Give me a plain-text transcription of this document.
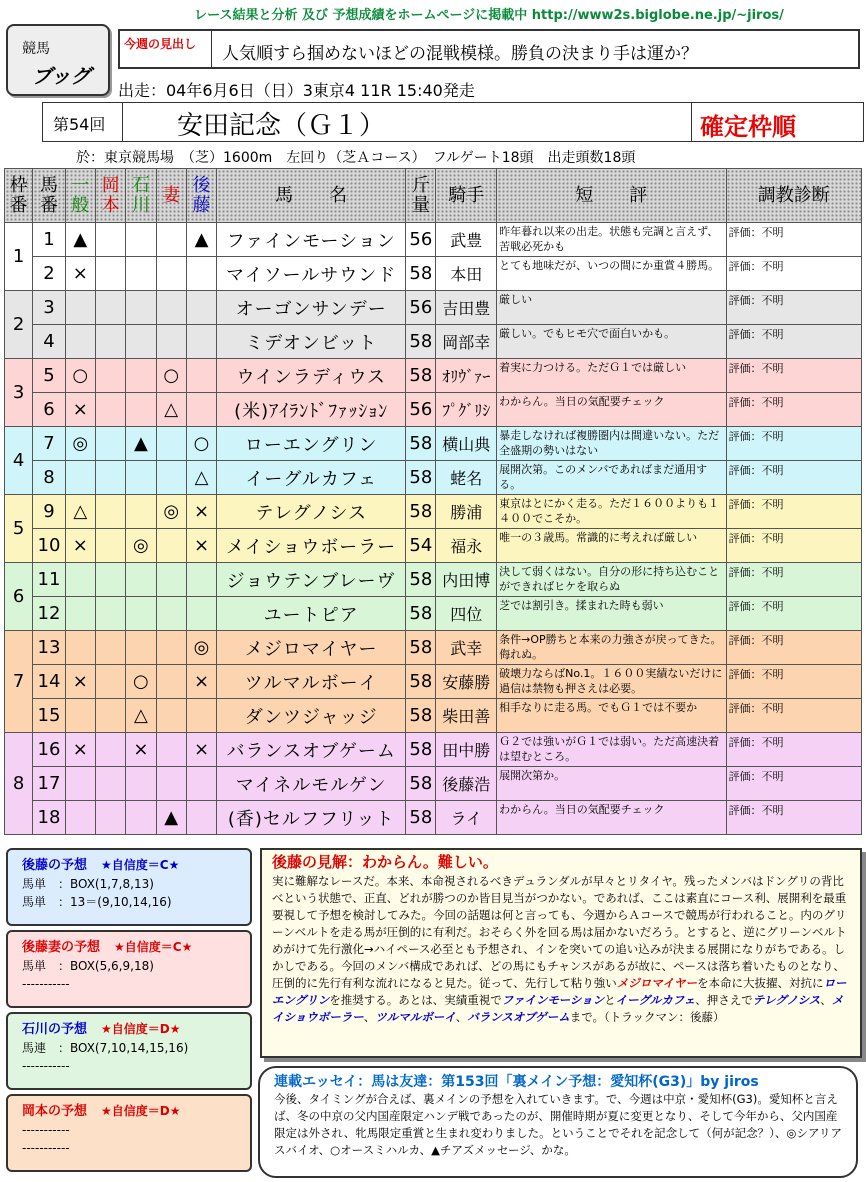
レース結果と分析 及び 予想成績をホームページに掲載中 http://www2s.biglobe.ne.jp/~jiros/
競馬
ブッグ
今週の見出し	人気順すら掴めないほどの混戦模様。勝負の決まり手は運か？
出走：04年6月6日（日）3東京4 11R 15:40発走
第54回	安田記念（Ｇ１）	確定枠順
於：東京競馬場　（芝）1600m　左回り（芝Ａコース）　フルゲート18頭　出走頭数18頭
枠番	馬番	一般	岡本	石川	妻	後藤	馬　　名	斤量	騎手	短　　評	調教診断
1	1	▲				▲	ファインモーション	56	武豊	昨年暮れ以来の出走。状態も完調と言えず、苦戦必死かも	評価：不明
	2	×					マイソールサウンド	58	本田	とても地味だが、いつの間にか重賞４勝馬。	評価：不明
2	3						オーゴンサンデー	56	吉田豊	厳しい	評価：不明
	4						ミデオンビット	58	岡部幸	厳しい。でもヒモ穴で面白いかも。	評価：不明
3	5	○			○		ウインラディウス	58	ｵﾘｳﾞｧｰ	着実に力つける。ただＧ１では厳しい	評価：不明
	6	×			△		(米)ｱｲﾗﾝﾄﾞﾌｧｯｼｮﾝ	56	ﾌﾟｸﾞﾘｼ	わからん。当日の気配要チェック	評価：不明
4	7	◎		▲		○	ローエングリン	58	横山典	暴走しなければ複勝圏内は間違いない。ただ全盛期の勢いはない	評価：不明
	8					△	イーグルカフェ	58	蛯名	展開次第。このメンバであればまだ通用する。	評価：不明
5	9	△			◎	×	テレグノシス	58	勝浦	東京はとにかく走る。ただ１６００よりも１４００でこそか。	評価：不明
	10	×		◎		×	メイショウボーラー	54	福永	唯一の３歳馬。常識的に考えれば厳しい	評価：不明
6	11						ジョウテンブレーヴ	58	内田博	決して弱くはない。自分の形に持ち込むことができればヒケを取らぬ	評価：不明
	12						ユートピア	58	四位	芝では割引き。揉まれた時も弱い	評価：不明
7	13					◎	メジロマイヤー	58	武幸	条件→OP勝ちと本来の力強さが戻ってきた。侮れぬ。	評価：不明
	14	×		○		×	ツルマルボーイ	58	安藤勝	破壊力ならばNo.1。１６００実績ないだけに過信は禁物も押さえは必要。	評価：不明
	15			△			ダンツジャッジ	58	柴田善	相手なりに走る馬。でもＧ１では不要か	評価：不明
8	16	×		×		×	バランスオブゲーム	58	田中勝	Ｇ２では強いがＧ１では弱い。ただ高速決着は望むところ。	評価：不明
	17						マイネルモルゲン	58	後藤浩	展開次第か。	評価：不明
	18				▲		(香)セルフフリット	58	ライ	わからん。当日の気配要チェック	評価：不明
後藤の予想 ★自信度＝C★
馬単　：BOX(1,7,8,13)
馬単　：13＝(9,10,14,16)
後藤妻の予想 ★自信度＝C★
馬単　：BOX(5,6,9,18)
-----------
石川の予想 ★自信度＝D★
馬連　：BOX(7,10,14,15,16)
-----------
岡本の予想 ★自信度＝D★
-----------
-----------
後藤の見解：わからん。難しい。
実に難解なレースだ。本来、本命視されるべきデュランダルが早々とリタイヤ。残ったメンバはドングリの背比べという状態で、正直、どれが勝つのか皆目見当がつかない。であれば、ここは素直にコース利、展開利を最重要視して予想を検討してみた。今回の話題は何と言っても、今週からＡコースで競馬が行われること。内のグリーンベルトを走る馬が圧倒的に有利だ。おそらく外を回る馬は届かないだろう。とすると、逆にグリーンベルトめがけて先行激化→ハイペース必至とも予想され、インを突いての追い込みが決まる展開になりがちである。しかしである。今回のメンバ構成であれば、どの馬にもチャンスがあるが故に、ペースは落ち着いたものとなり、圧倒的に先行有利な流れになると見た。従って、先行して粘り強いメジロマイヤーを本命に大抜擢、対抗にローエングリンを推奨する。あとは、実績重視でファインモーションとイーグルカフェ、押さえでテレグノシス、メイショウボーラー、ツルマルボーイ、バランスオブゲームまで。（トラックマン：後藤）
連載エッセイ：馬は友達：第153回「裏メイン予想：愛知杯(G3)」by jiros
今後、タイミングが合えば、裏メインの予想を入れていきます。で、今週は中京・愛知杯(G3)。愛知杯と言えば、冬の中京の父内国産限定ハンデ戦であったのが、開催時期が夏に変更となり、そして今年から、父内国産限定は外され、牝馬限定重賞と生まれ変わりました。ということでそれを記念して（何が記念？）、◎シアリアスバイオ、○オースミハルカ、▲チアズメッセージ、かな。
